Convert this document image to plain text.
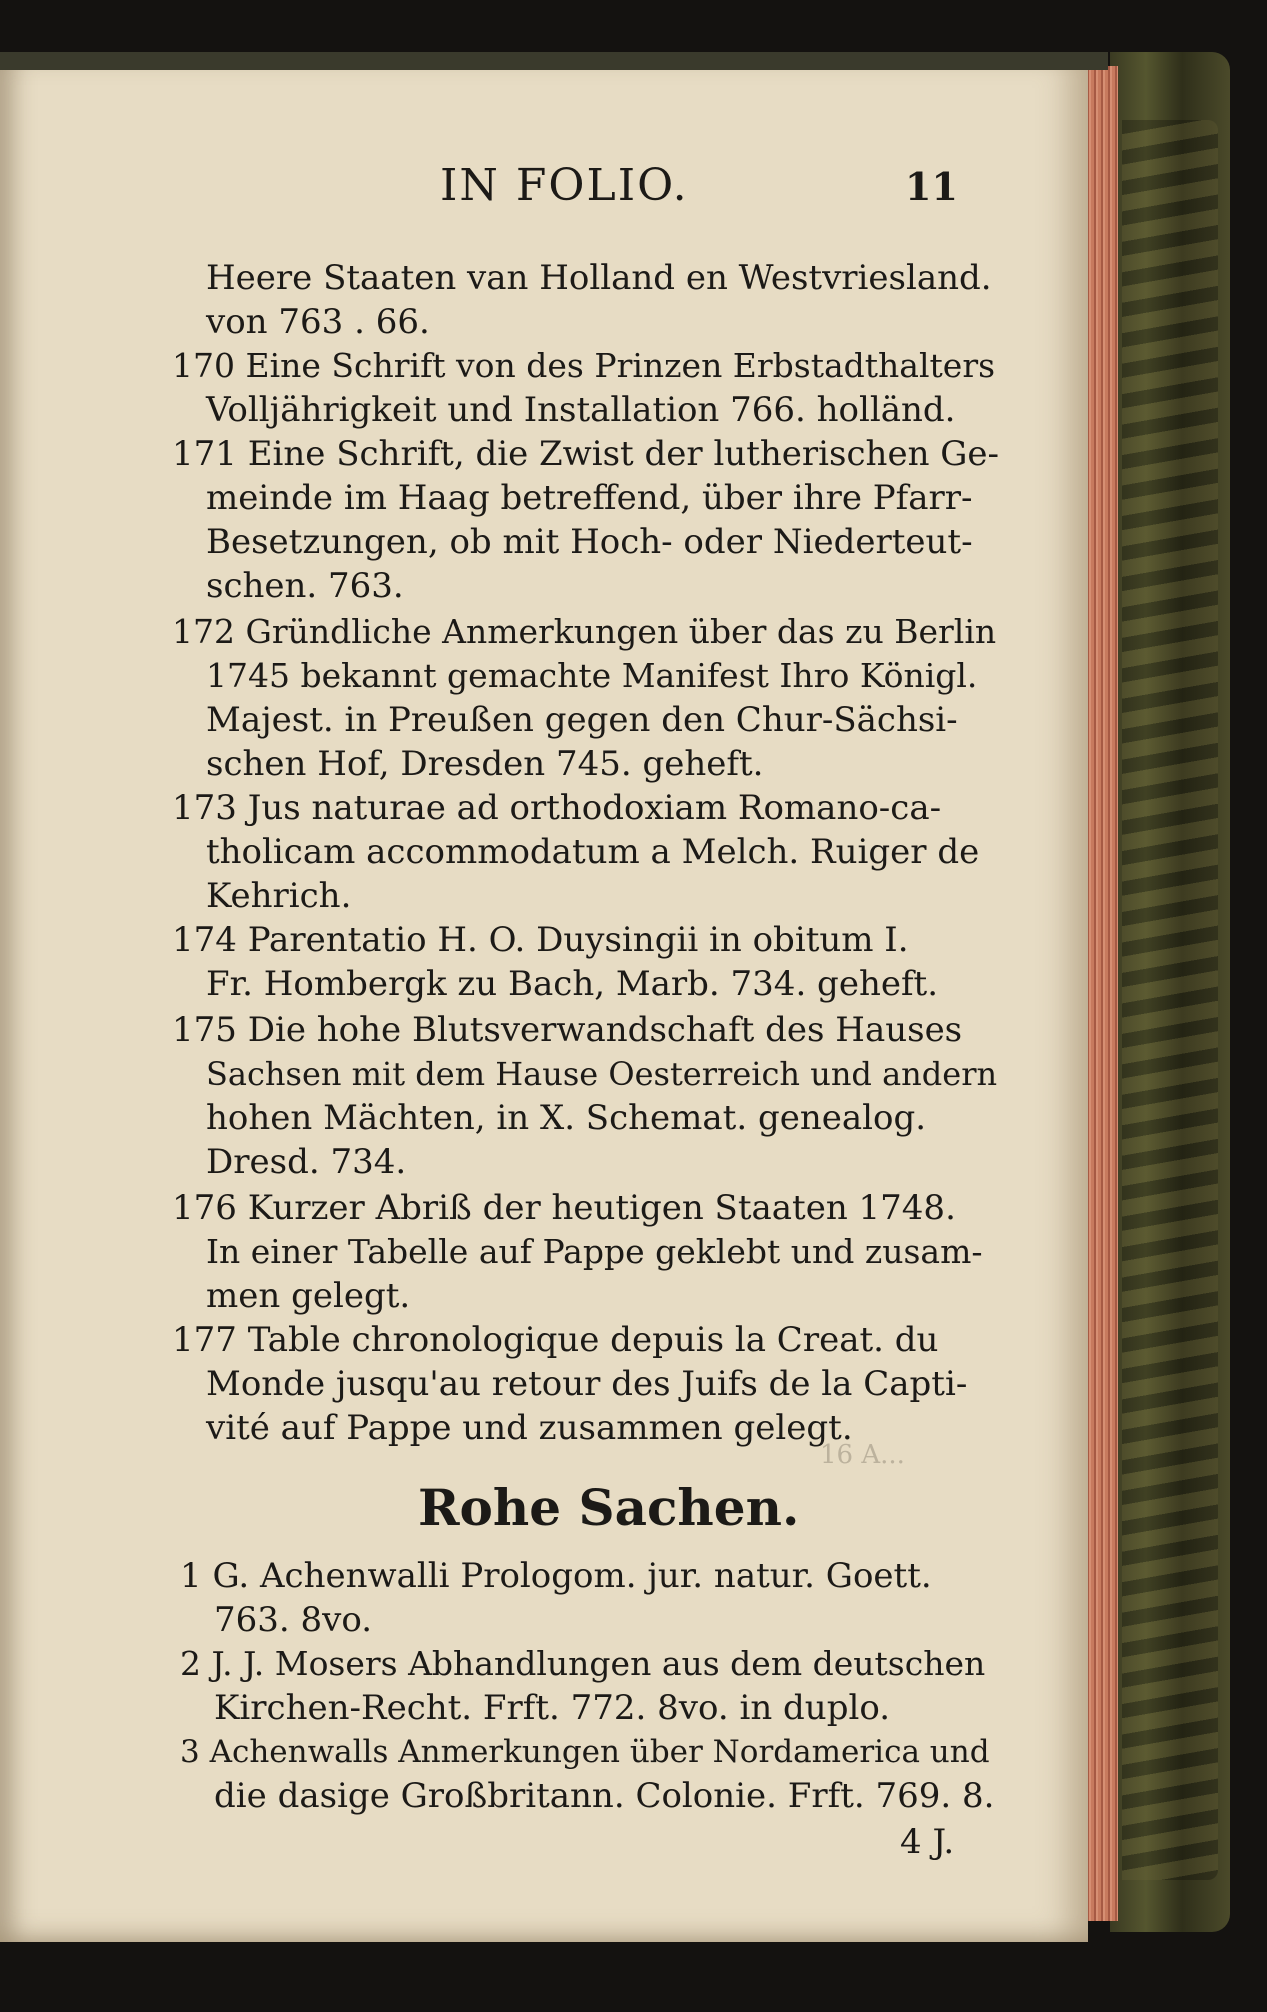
16 A...
IN FOLIO.	11
Heere Staaten van Holland en Westvriesland.
von 763 . 66.
170 Eine Schrift von des Prinzen Erbstadthalters
Volljährigkeit und Installation 766. holländ.
171 Eine Schrift, die Zwist der lutherischen Ge-
meinde im Haag betreffend, über ihre Pfarr-
Besetzungen, ob mit Hoch- oder Niederteut-
schen. 763.
172 Gründliche Anmerkungen über das zu Berlin
1745 bekannt gemachte Manifest Ihro Königl.
Majest. in Preußen gegen den Chur-Sächsi-
schen Hof, Dresden 745. geheft.
173 Jus naturae ad orthodoxiam Romano-ca-
tholicam accommodatum a Melch. Ruiger de
Kehrich.
174 Parentatio H. O. Duysingii in obitum I.
Fr. Hombergk zu Bach, Marb. 734. geheft.
175 Die hohe Blutsverwandschaft des Hauses
Sachsen mit dem Hause Oesterreich und andern
hohen Mächten, in X. Schemat. genealog.
Dresd. 734.
176 Kurzer Abriß der heutigen Staaten 1748.
In einer Tabelle auf Pappe geklebt und zusam-
men gelegt.
177 Table chronologique depuis la Creat. du
Monde jusqu'au retour des Juifs de la Capti-
vité auf Pappe und zusammen gelegt.
Rohe Sachen.
1 G. Achenwalli Prologom. jur. natur. Goett.
763. 8vo.
2 J. J. Mosers Abhandlungen aus dem deutschen
Kirchen-Recht. Frft. 772. 8vo. in duplo.
3 Achenwalls Anmerkungen über Nordamerica und
die dasige Großbritann. Colonie. Frft. 769. 8.
4 J.
